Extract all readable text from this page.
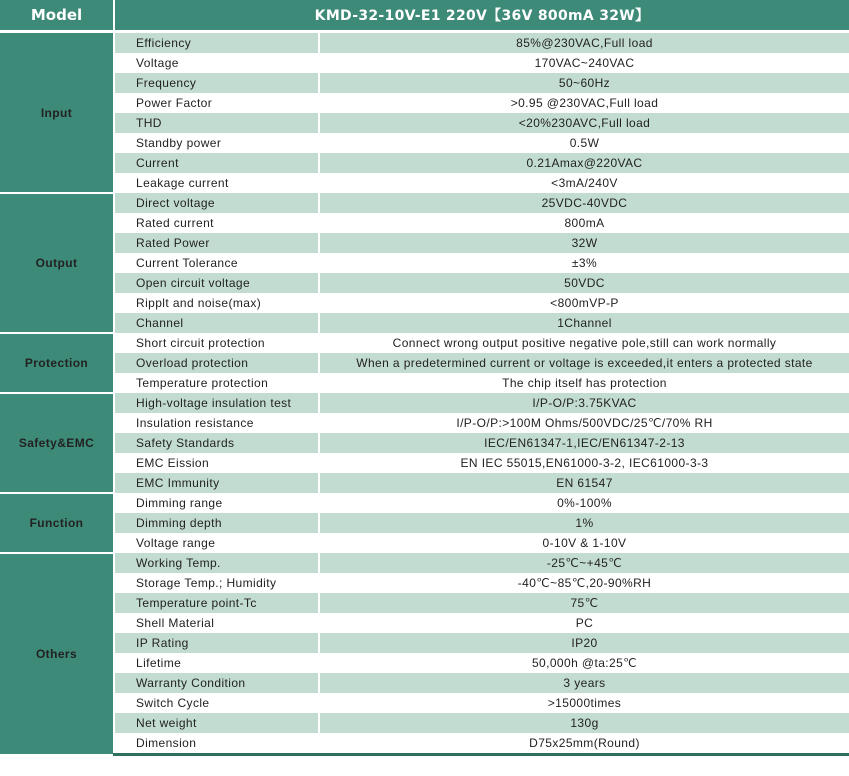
Model	KMD-32-10V-E1 220V【36V 800mA 32W】	
Input	Efficiency	85%@230VAC,Full load
	Voltage	170VAC~240VAC
	Frequency	50~60Hz
	Power Factor	>0.95 @230VAC,Full load
	THD	<20%230AVC,Full load
	Standby power	0.5W
	Current	0.21Amax@220VAC
	Leakage current	<3mA/240V
Output	Direct voltage	25VDC-40VDC
	Rated current	800mA
	Rated Power	32W
	Current Tolerance	±3%
	Open circuit voltage	50VDC
	Ripplt and noise(max)	<800mVP-P
	Channel	1Channel
Protection	Short circuit protection	Connect wrong output positive negative pole,still can work normally
	Overload protection	When a predetermined current or voltage is exceeded,it enters a protected state
	Temperature protection	The chip itself has protection
Safety&EMC	High-voltage insulation test	I/P-O/P:3.75KVAC
	Insulation resistance	I/P-O/P:>100M Ohms/500VDC/25℃/70% RH
	Safety Standards	IEC/EN61347-1,IEC/EN61347-2-13
	EMC Eission	EN IEC 55015,EN61000-3-2, IEC61000-3-3
	EMC Immunity	EN 61547
Function	Dimming range	0%-100%
	Dimming depth	1%
	Voltage range	0-10V & 1-10V
Others	Working Temp.	-25℃~+45℃
	Storage Temp.; Humidity	-40℃~85℃,20-90%RH
	Temperature point-Tc	75℃
	Shell Material	PC
	IP Rating	IP20
	Lifetime	50,000h @ta:25℃
	Warranty Condition	3 years
	Switch Cycle	>15000times
	Net weight	130g
	Dimension	D75x25mm(Round)
